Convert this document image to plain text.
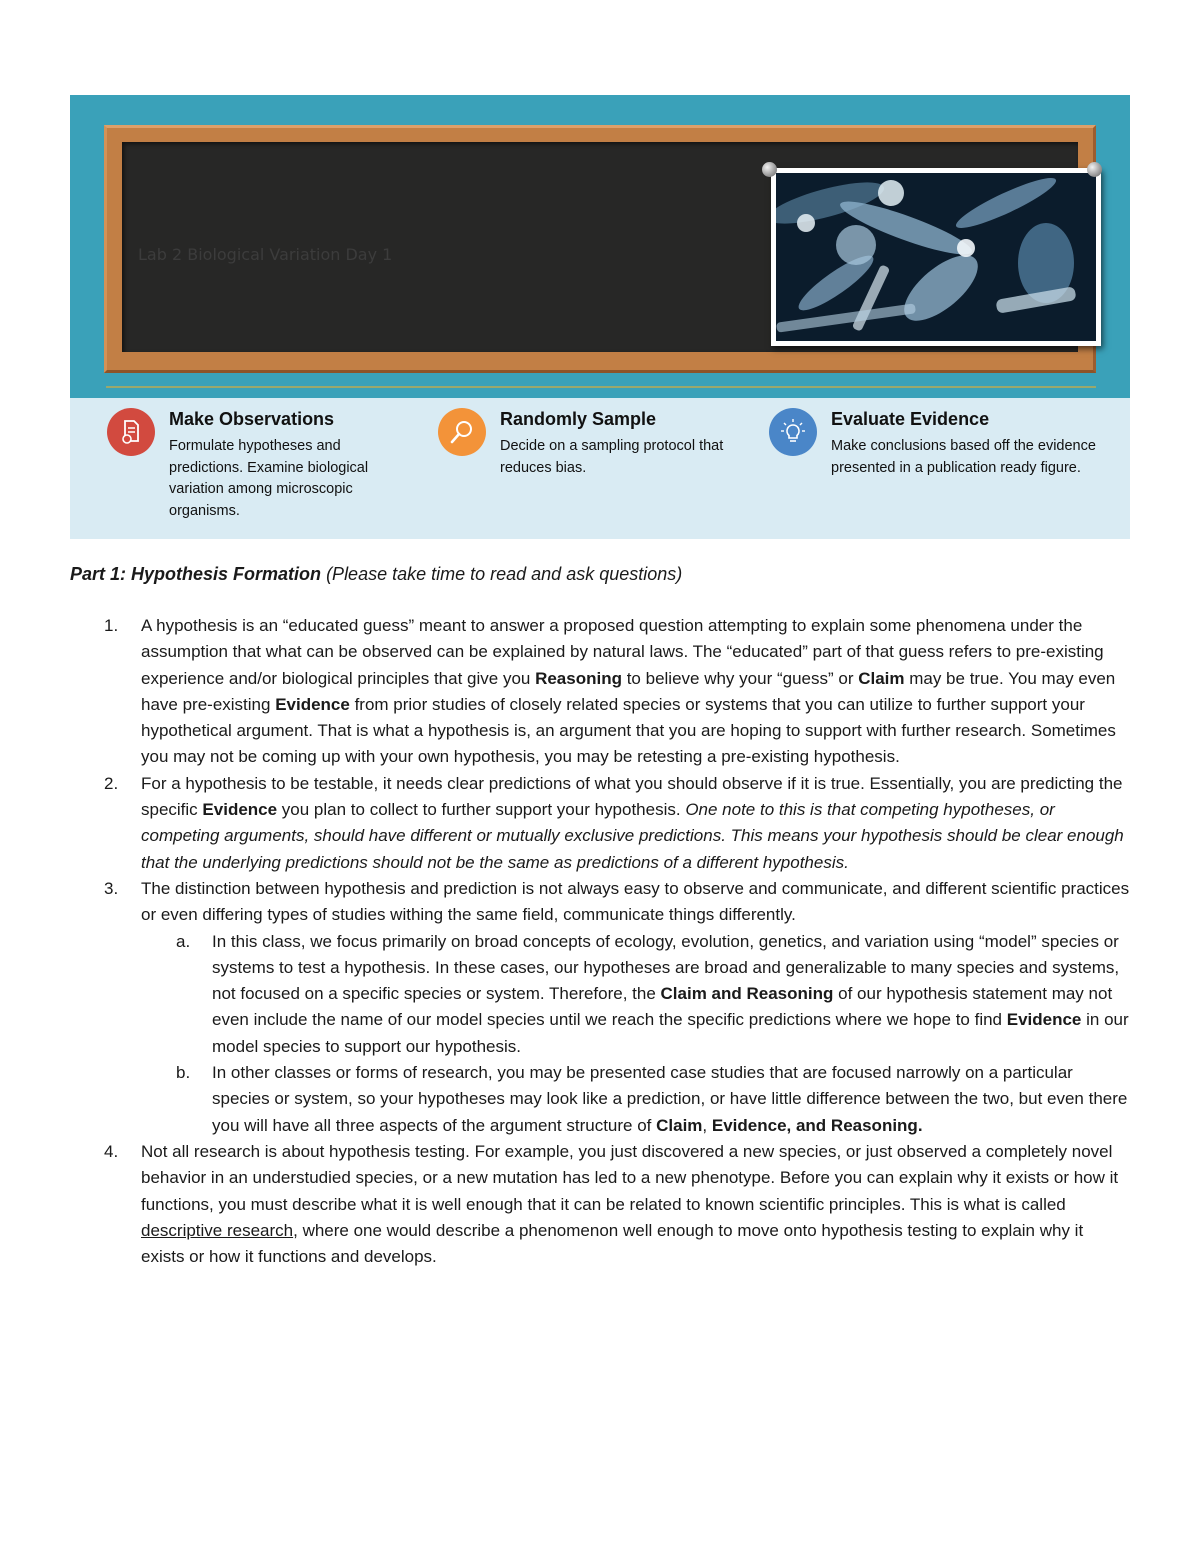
Lab 2 Biological Variation Day 1
Make Observations
Formulate hypotheses and predictions. Examine biological variation among microscopic organisms.
Randomly Sample
Decide on a sampling protocol that reduces bias.
Evaluate Evidence
Make conclusions based off the evidence presented in a publication ready figure.
Part 1: Hypothesis Formation (Please take time to read and ask questions)
1. A hypothesis is an “educated guess” meant to answer a proposed question attempting to explain some phenomena under the assumption that what can be observed can be explained by natural laws. The “educated” part of that guess refers to pre-existing experience and/or biological principles that give you Reasoning to believe why your “guess” or Claim may be true. You may even have pre-existing Evidence from prior studies of closely related species or systems that you can utilize to further support your hypothetical argument. That is what a hypothesis is, an argument that you are hoping to support with further research. Sometimes you may not be coming up with your own hypothesis, you may be retesting a pre-existing hypothesis.
2. For a hypothesis to be testable, it needs clear predictions of what you should observe if it is true. Essentially, you are predicting the specific Evidence you plan to collect to further support your hypothesis. One note to this is that competing hypotheses, or competing arguments, should have different or mutually exclusive predictions. This means your hypothesis should be clear enough that the underlying predictions should not be the same as predictions of a different hypothesis.
3. The distinction between hypothesis and prediction is not always easy to observe and communicate, and different scientific practices or even differing types of studies withing the same field, communicate things differently.
a. In this class, we focus primarily on broad concepts of ecology, evolution, genetics, and variation using “model” species or systems to test a hypothesis. In these cases, our hypotheses are broad and generalizable to many species and systems, not focused on a specific species or system. Therefore, the Claim and Reasoning of our hypothesis statement may not even include the name of our model species until we reach the specific predictions where we hope to find Evidence in our model species to support our hypothesis.
b. In other classes or forms of research, you may be presented case studies that are focused narrowly on a particular species or system, so your hypotheses may look like a prediction, or have little difference between the two, but even there you will have all three aspects of the argument structure of Claim, Evidence, and Reasoning.
4. Not all research is about hypothesis testing. For example, you just discovered a new species, or just observed a completely novel behavior in an understudied species, or a new mutation has led to a new phenotype. Before you can explain why it exists or how it functions, you must describe what it is well enough that it can be related to known scientific principles. This is what is called descriptive research, where one would describe a phenomenon well enough to move onto hypothesis testing to explain why it exists or how it functions and develops.
